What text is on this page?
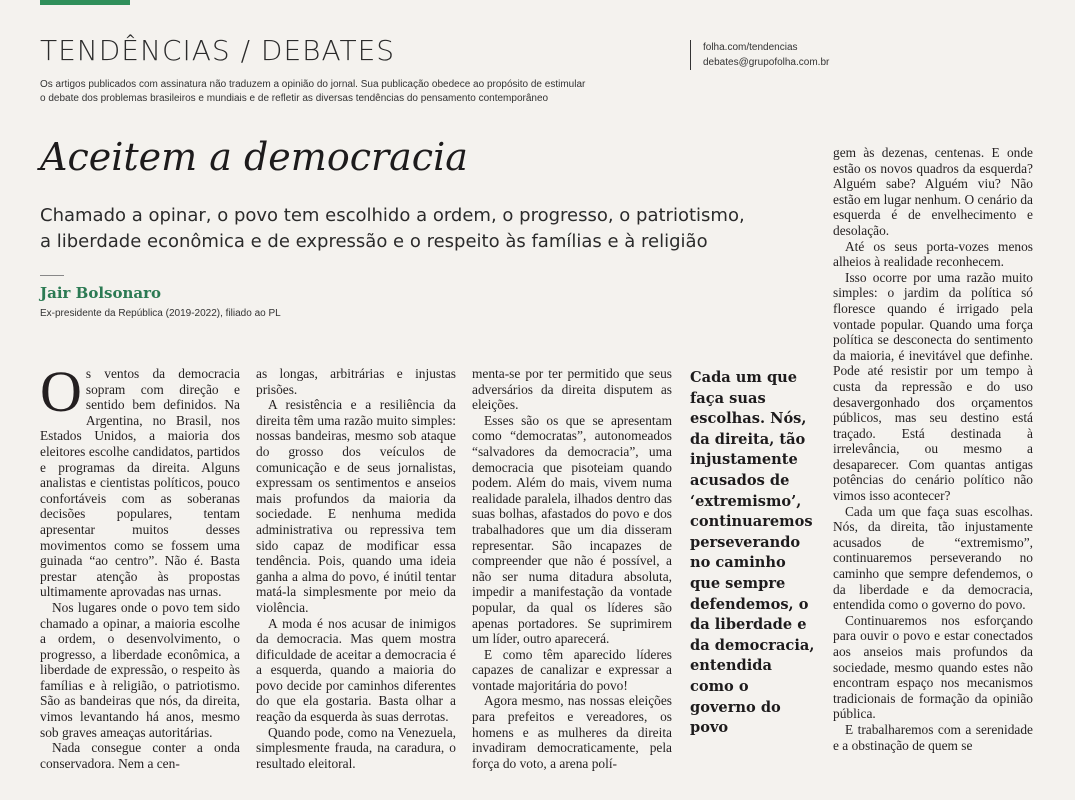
TENDÊNCIAS / DEBATES
Os artigos publicados com assinatura não traduzem a opinião do jornal. Sua publicação obedece ao propósito de estimular
o debate dos problemas brasileiros e mundiais e de refletir as diversas tendências do pensamento contemporâneo
folha.com/tendencias
debates@grupofolha.com.br
Aceitem a democracia
Chamado a opinar, o povo tem escolhido a ordem, o progresso, o patriotismo,
a liberdade econômica e de expressão e o respeito às famílias e à religião
Jair Bolsonaro
Ex-presidente da República (2019-2022), filiado ao PL

Os ventos da democracia sopram com direção e sentido bem definidos. Na Argentina, no Brasil, nos Estados Unidos, a maioria dos eleitores escolhe candidatos, partidos e programas da direita. Alguns analistas e cientistas políticos, pouco confortáveis com as soberanas decisões populares, tentam apresentar muitos desses movimentos como se fossem uma guinada “ao centro”. Não é. Basta prestar atenção às propostas ultimamente aprovadas nas urnas.

Nos lugares onde o povo tem sido chamado a opinar, a maioria escolhe a ordem, o desenvolvimento, o progresso, a liberdade econômica, a liberdade de expressão, o respeito às famílias e à religião, o patriotismo. São as bandeiras que nós, da direita, vimos levantando há anos, mesmo sob graves ameaças autoritárias.

Nada consegue conter a onda conservadora. Nem a cen-

as longas, arbitrárias e injustas prisões.

A resistência e a resiliência da direita têm uma razão muito simples: nossas bandeiras, mesmo sob ataque do grosso dos veículos de comunicação e de seus jornalistas, expressam os sentimentos e anseios mais profundos da maioria da sociedade. E nenhuma medida administrativa ou repressiva tem sido capaz de modificar essa tendência. Pois, quando uma ideia ganha a alma do povo, é inútil tentar matá-la simplesmente por meio da violência.

A moda é nos acusar de inimigos da democracia. Mas quem mostra dificuldade de aceitar a democracia é a esquerda, quando a maioria do povo decide por caminhos diferentes do que ela gostaria. Basta olhar a reação da esquerda às suas derrotas.

Quando pode, como na Venezuela, simplesmente frauda, na caradura, o resultado eleitoral.

menta-se por ter permitido que seus adversários da direita disputem as eleições.

Esses são os que se apresentam como “democratas”, autonomeados “salvadores da democracia”, uma democracia que pisoteiam quando podem. Além do mais, vivem numa realidade paralela, ilhados dentro das suas bolhas, afastados do povo e dos trabalhadores que um dia disseram representar. São incapazes de compreender que não é possível, a não ser numa ditadura absoluta, impedir a manifestação da vontade popular, da qual os líderes são apenas portadores. Se suprimirem um líder, outro aparecerá.

E como têm aparecido líderes capazes de canalizar e expressar a vontade majoritária do povo!

Agora mesmo, nas nossas eleições para prefeitos e vereadores, os homens e as mulheres da direita invadiram democraticamente, pela força do voto, a arena polí-

Cada um que faça suas escolhas. Nós, da direita, tão injustamente acusados de ‘extremismo’, continuaremos perseverando no caminho que sempre defendemos, o da liberdade e da democracia, entendida como o governo do povo

gem às dezenas, centenas. E onde estão os novos quadros da esquerda? Alguém sabe? Alguém viu? Não estão em lugar nenhum. O cenário da esquerda é de envelhecimento e desolação.

Até os seus porta-vozes menos alheios à realidade reconhecem.

Isso ocorre por uma razão muito simples: o jardim da política só floresce quando é irrigado pela vontade popular. Quando uma força política se desconecta do sentimento da maioria, é inevitável que definhe. Pode até resistir por um tempo à custa da repressão e do uso desavergonhado dos orçamentos públicos, mas seu destino está traçado. Está destinada à irrelevância, ou mesmo a desaparecer. Com quantas antigas potências do cenário político não vimos isso acontecer?

Cada um que faça suas escolhas. Nós, da direita, tão injustamente acusados de “extremismo”, continuaremos perseverando no caminho que sempre defendemos, o da liberdade e da democracia, entendida como o governo do povo.

Continuaremos nos esforçando para ouvir o povo e estar conectados aos anseios mais profundos da sociedade, mesmo quando estes não encontram espaço nos mecanismos tradicionais de formação da opinião pública.

E trabalharemos com a serenidade e a obstinação de quem se
